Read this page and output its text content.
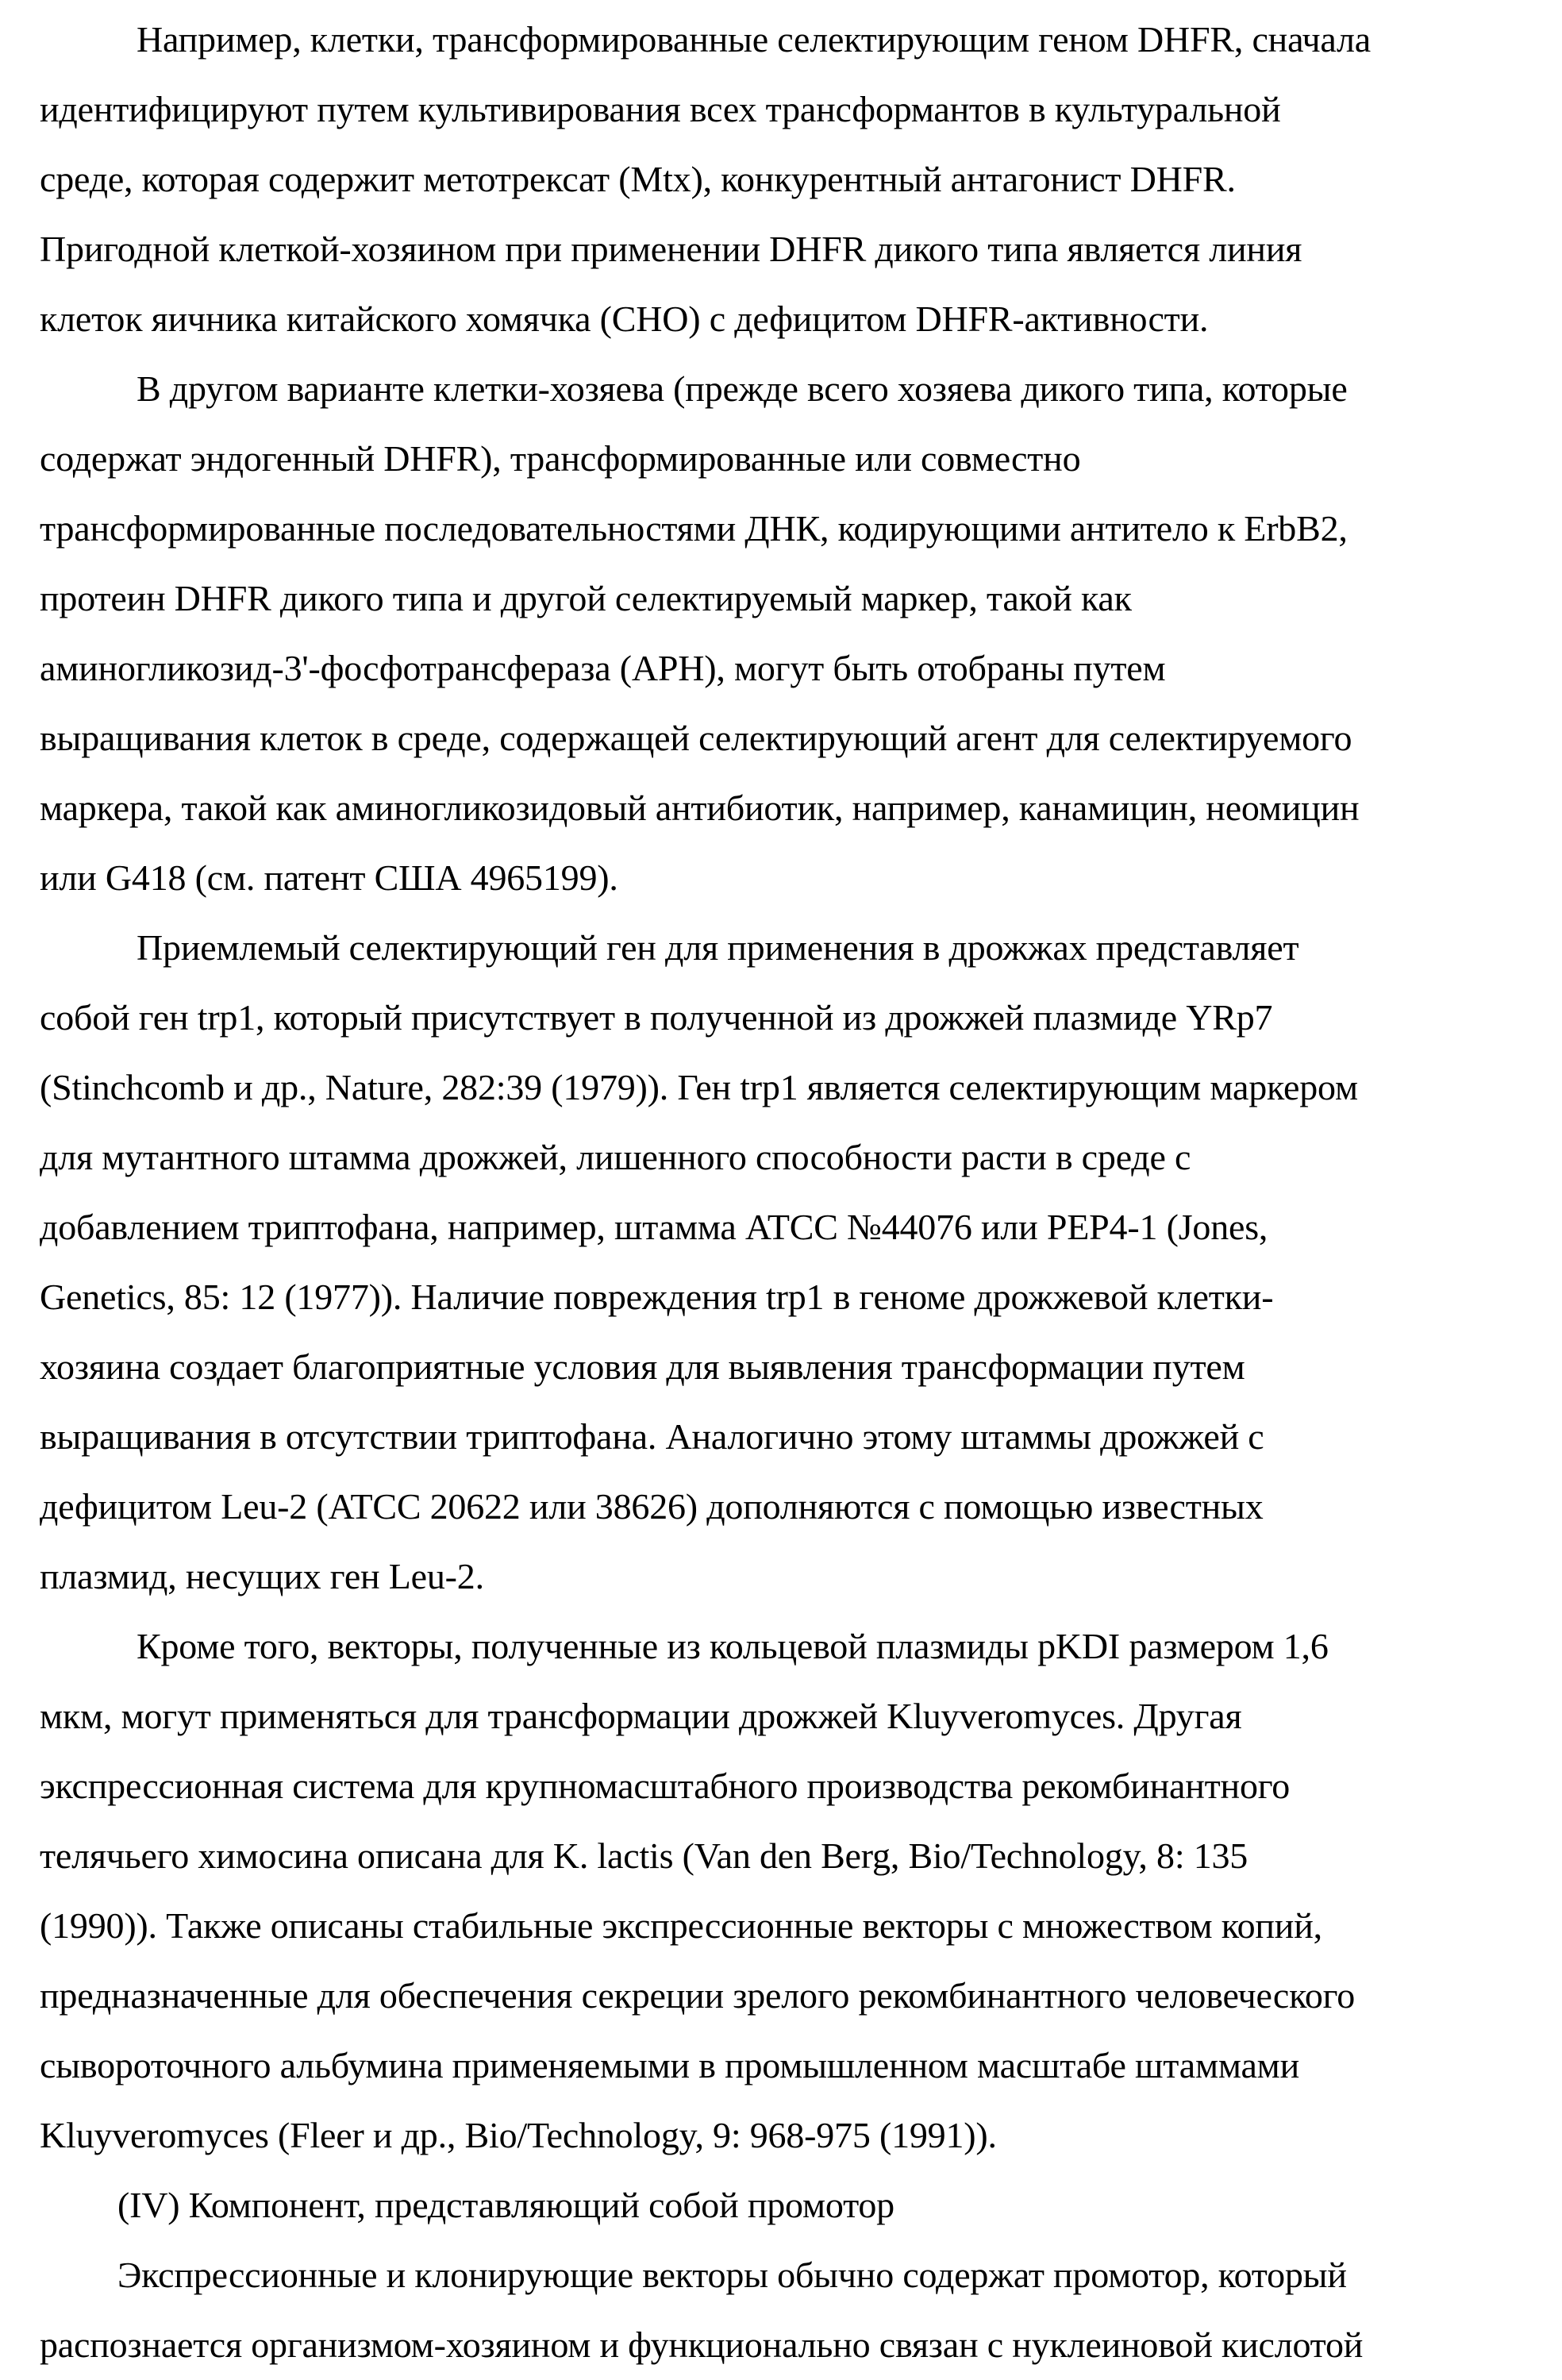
Например, клетки, трансформированные селектирующим геном DHFR, сначала
идентифицируют путем культивирования всех трансформантов в культуральной
среде, которая содержит метотрексат (Mtx), конкурентный антагонист DHFR.
Пригодной клеткой-хозяином при применении DHFR дикого типа является линия
клеток яичника китайского хомячка (CHO) с дефицитом DHFR-активности.

В другом варианте клетки-хозяева (прежде всего хозяева дикого типа, которые
содержат эндогенный DHFR), трансформированные или совместно
трансформированные последовательностями ДНК, кодирующими антитело к ErbB2,
протеин DHFR дикого типа и другой селектируемый маркер, такой как
аминогликозид-3'-фосфотрансфераза (APH), могут быть отобраны путем
выращивания клеток в среде, содержащей селектирующий агент для селектируемого
маркера, такой как аминогликозидовый антибиотик, например, канамицин, неомицин
или G418 (см. патент США 4965199).

Приемлемый селектирующий ген для применения в дрожжах представляет
собой ген trp1, который присутствует в полученной из дрожжей плазмиде YRp7
(Stinchcomb и др., Nature, 282:39 (1979)). Ген trp1 является селектирующим маркером
для мутантного штамма дрожжей, лишенного способности расти в среде с
добавлением триптофана, например, штамма ATCC №44076 или PEP4-1 (Jones,
Genetics, 85: 12 (1977)). Наличие повреждения trp1 в геноме дрожжевой клетки-
хозяина создает благоприятные условия для выявления трансформации путем
выращивания в отсутствии триптофана. Аналогично этому штаммы дрожжей с
дефицитом Leu-2 (ATCC 20622 или 38626) дополняются с помощью известных
плазмид, несущих ген Leu-2.

Кроме того, векторы, полученные из кольцевой плазмиды pKDI размером 1,6
мкм, могут применяться для трансформации дрожжей Kluyveromyces. Другая
экспрессионная система для крупномасштабного производства рекомбинантного
телячьего химосина описана для K. lactis (Van den Berg, Bio/Technology, 8: 135
(1990)). Также описаны стабильные экспрессионные векторы с множеством копий,
предназначенные для обеспечения секреции зрелого рекомбинантного человеческого
сывороточного альбумина применяемыми в промышленном масштабе штаммами
Kluyveromyces (Fleer и др., Bio/Technology, 9: 968-975 (1991)).

(IV) Компонент, представляющий собой промотор

Экспрессионные и клонирующие векторы обычно содержат промотор, который
распознается организмом-хозяином и функционально связан с нуклеиновой кислотой
